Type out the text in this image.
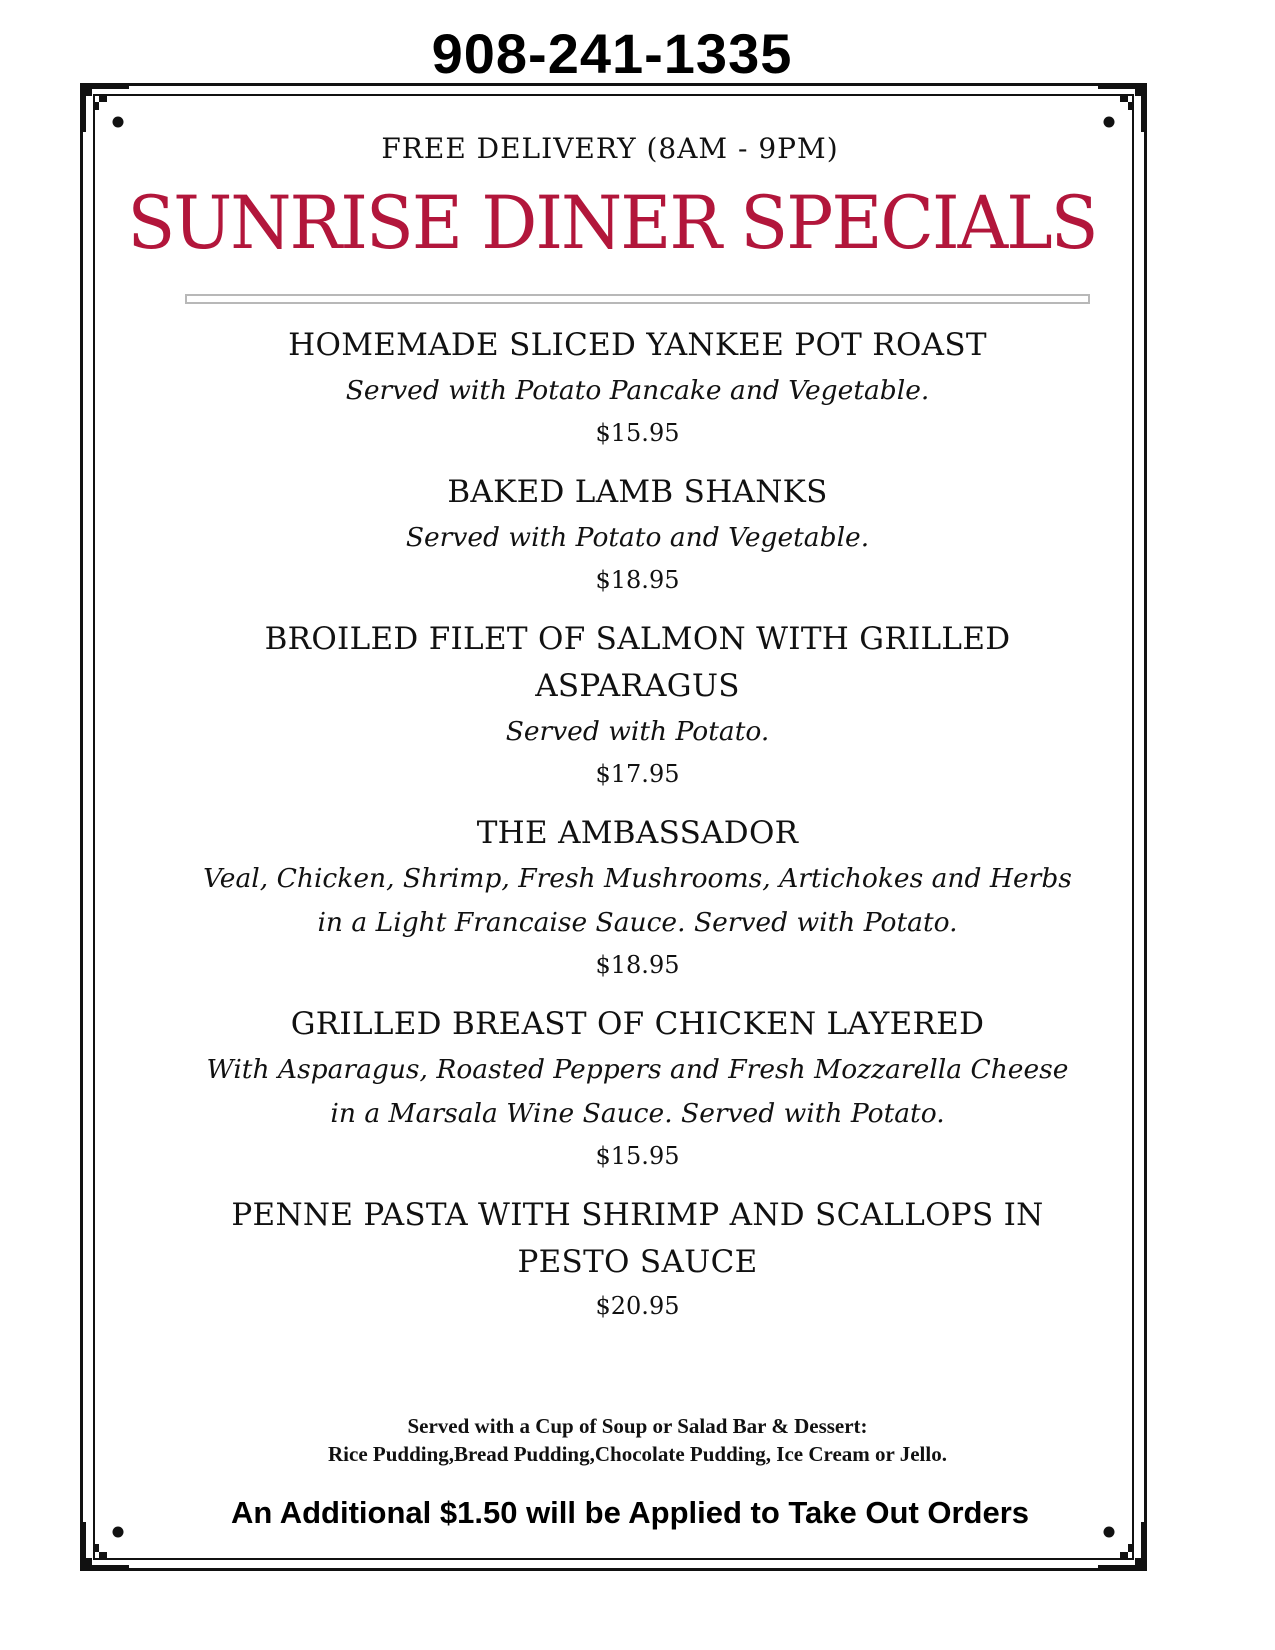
908-241-1335
FREE DELIVERY (8AM - 9PM)
SUNRISE DINER SPECIALS
HOMEMADE SLICED YANKEE POT ROAST
Served with Potato Pancake and Vegetable.
$15.95
BAKED LAMB SHANKS
Served with Potato and Vegetable.
$18.95
BROILED FILET OF SALMON WITH GRILLED ASPARAGUS
Served with Potato.
$17.95
THE AMBASSADOR
Veal, Chicken, Shrimp, Fresh Mushrooms, Artichokes and Herbs in a Light Francaise Sauce. Served with Potato.
$18.95
GRILLED BREAST OF CHICKEN LAYERED
With Asparagus, Roasted Peppers and Fresh Mozzarella Cheese in a Marsala Wine Sauce. Served with Potato.
$15.95
PENNE PASTA WITH SHRIMP AND SCALLOPS IN PESTO SAUCE
$20.95
Served with a Cup of Soup or Salad Bar & Dessert:
Rice Pudding,Bread Pudding,Chocolate Pudding, Ice Cream or Jello.
An Additional $1.50 will be Applied to Take Out Orders
